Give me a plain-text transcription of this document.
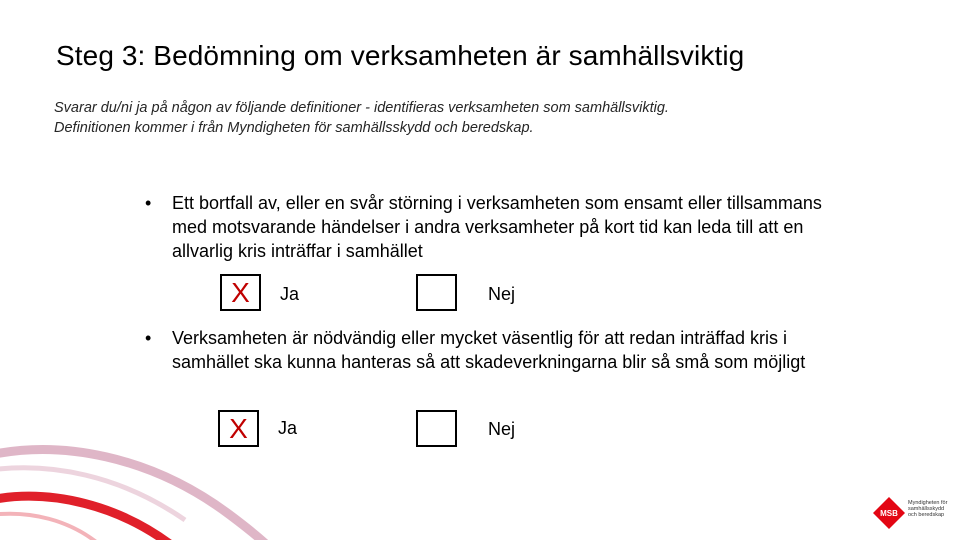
Steg 3: Bedömning om verksamheten är samhällsviktig
Svarar du/ni ja på någon av följande definitioner - identifieras verksamheten som samhällsviktig.
Definitionen kommer i från Myndigheten för samhällsskydd och beredskap.
• Ett bortfall av, eller en svår störning i verksamheten som ensamt eller tillsammans med motsvarande händelser i andra verksamheter på kort tid kan leda till att en allvarlig kris inträffar i samhället
X Ja	Nej
• Verksamheten är nödvändig eller mycket väsentlig för att redan inträffad kris i samhället ska kunna hanteras så att skadeverkningarna blir så små som möjligt
X Ja	Nej
MSB
Myndigheten för samhällsskydd och beredskap
